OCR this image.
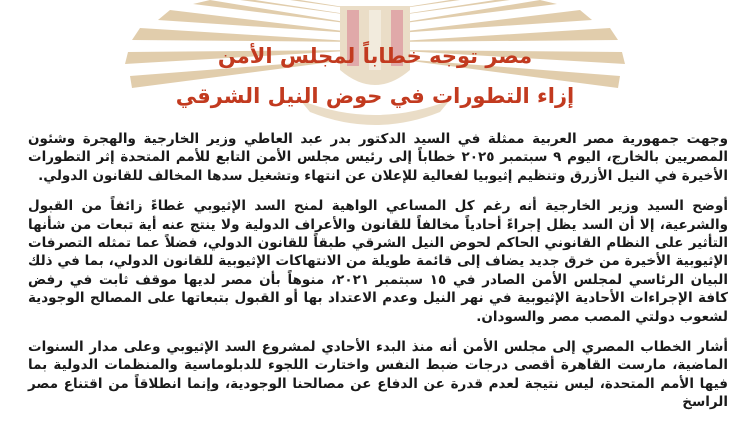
مصر توجه خطاباً لمجلس الأمن
إزاء التطورات في حوض النيل الشرقي

وجهت جمهورية مصر العربية ممثلة في السيد الدكتور بدر عبد العاطي وزير الخارجية والهجرة وشئون المصريين بالخارج، اليوم ٩ سبتمبر ٢٠٢٥ خطاباً إلى رئيس مجلس الأمن التابع للأمم المتحدة إثر التطورات الأخيرة في النيل الأزرق وتنظيم إثيوبيا لفعالية للإعلان عن انتهاء وتشغيل سدها المخالف للقانون الدولي.

أوضح السيد وزير الخارجية أنه رغم كل المساعي الواهية لمنح السد الإثيوبي غطاءً زائفاً من القبول والشرعية، إلا أن السد يظل إجراءً أحادياً مخالفاً للقانون والأعراف الدولية ولا ينتج عنه أية تبعات من شأنها التأثير على النظام القانوني الحاكم لحوض النيل الشرقي طبقاً للقانون الدولي، فضلاً عما تمثله التصرفات الإثيوبية الأخيرة من خرق جديد يضاف إلى قائمة طويلة من الانتهاكات الإثيوبية للقانون الدولي، بما في ذلك البيان الرئاسي لمجلس الأمن الصادر في ١٥ سبتمبر ٢٠٢١، منوهاً بأن مصر لديها موقف ثابت في رفض كافة الإجراءات الأحادية الإثيوبية في نهر النيل وعدم الاعتداد بها أو القبول بتبعاتها على المصالح الوجودية لشعوب دولتي المصب مصر والسودان.

أشار الخطاب المصري إلى مجلس الأمن أنه منذ البدء الأحادي لمشروع السد الإثيوبي وعلى مدار السنوات الماضية، مارست القاهرة أقصى درجات ضبط النفس واختارت اللجوء للدبلوماسية والمنظمات الدولية بما فيها الأمم المتحدة، ليس نتيجة لعدم قدرة عن الدفاع عن مصالحنا الوجودية، وإنما انطلاقاً من اقتناع مصر الراسخ
